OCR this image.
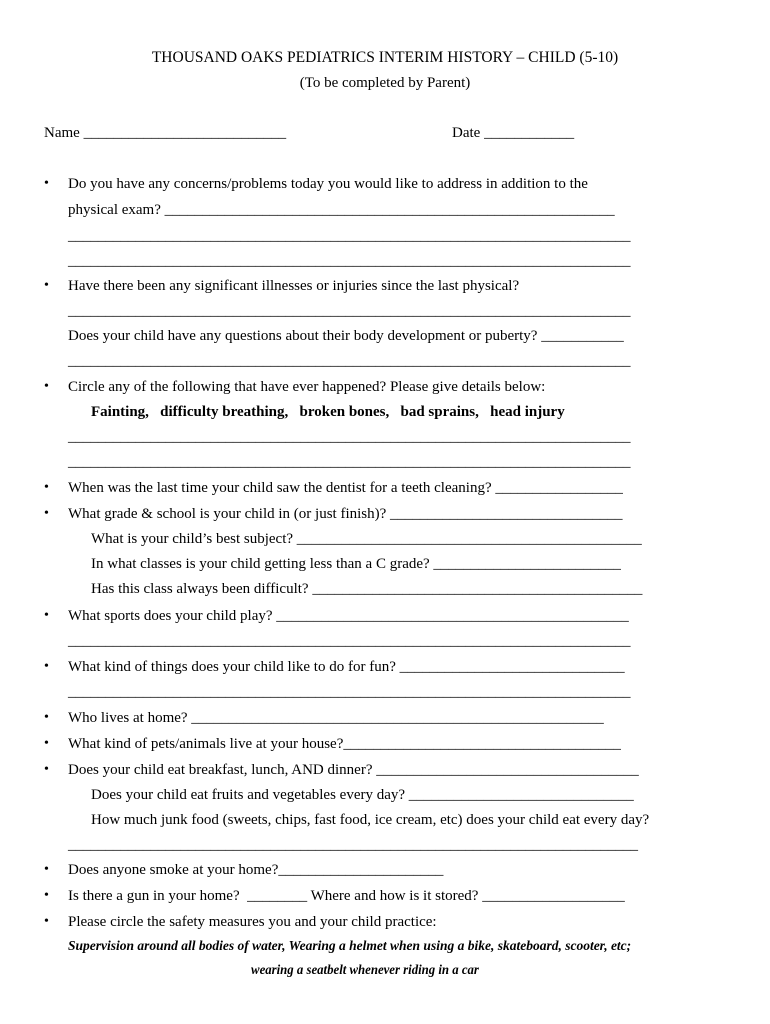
THOUSAND OAKS PEDIATRICS INTERIM HISTORY – CHILD (5-10)
(To be completed by Parent)
Name ___________________________	Date ____________
• Do you have any concerns/problems today you would like to address in addition to the
physical exam? ____________________________________________________________
___________________________________________________________________________
___________________________________________________________________________
• Have there been any significant illnesses or injuries since the last physical?
___________________________________________________________________________
Does your child have any questions about their body development or puberty? ___________
___________________________________________________________________________
• Circle any of the following that have ever happened? Please give details below:
Fainting,   difficulty breathing,   broken bones,   bad sprains,   head injury
___________________________________________________________________________
___________________________________________________________________________
• When was the last time your child saw the dentist for a teeth cleaning? _________________
• What grade & school is your child in (or just finish)? _______________________________
What is your child’s best subject? ______________________________________________
In what classes is your child getting less than a C grade? _________________________
Has this class always been difficult? ____________________________________________
• What sports does your child play? _______________________________________________
___________________________________________________________________________
• What kind of things does your child like to do for fun? ______________________________
___________________________________________________________________________
• Who lives at home? _______________________________________________________
• What kind of pets/animals live at your house?_____________________________________
• Does your child eat breakfast, lunch, AND dinner? ___________________________________
Does your child eat fruits and vegetables every day? ______________________________
How much junk food (sweets, chips, fast food, ice cream, etc) does your child eat every day?
____________________________________________________________________________
• Does anyone smoke at your home?______________________
• Is there a gun in your home?  ________ Where and how is it stored? ___________________
• Please circle the safety measures you and your child practice:
Supervision around all bodies of water, Wearing a helmet when using a bike, skateboard, scooter, etc;
wearing a seatbelt whenever riding in a car
